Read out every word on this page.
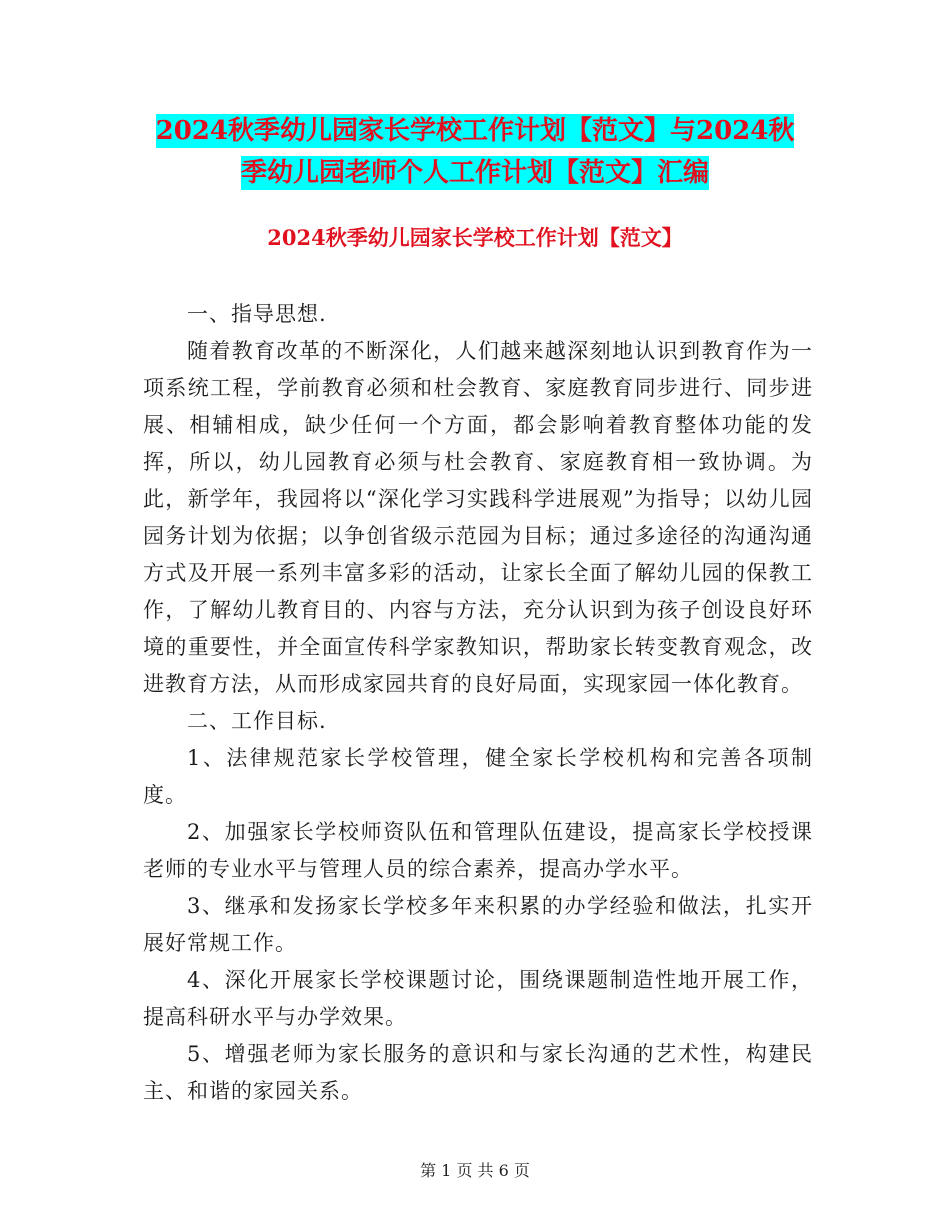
2024秋季幼儿园家长学校工作计划【范文】与2024秋
季幼儿园老师个人工作计划【范文】汇编
2024秋季幼儿园家长学校工作计划【范文】

一、指导思想.

随着教育改革的不断深化，人们越来越深刻地认识到教育作为一项系统工程，学前教育必须和杜会教育、家庭教育同步进行、同步进展、相辅相成，缺少任何一个方面，都会影响着教育整体功能的发挥，所以，幼儿园教育必须与杜会教育、家庭教育相一致协调。为此，新学年，我园将以“深化学习实践科学进展观”为指导；以幼儿园园务计划为依据；以争创省级示范园为目标；通过多途径的沟通沟通方式及开展一系列丰富多彩的活动，让家长全面了解幼儿园的保教工作，了解幼儿教育目的、内容与方法，充分认识到为孩子创设良好环境的重要性，并全面宣传科学家教知识，帮助家长转变教育观念，改进教育方法，从而形成家园共育的良好局面，实现家园一体化教育。

二、工作目标.

1、法律规范家长学校管理，健全家长学校机构和完善各项制度。

2、加强家长学校师资队伍和管理队伍建设，提高家长学校授课老师的专业水平与管理人员的综合素养，提高办学水平。

3、继承和发扬家长学校多年来积累的办学经验和做法，扎实开展好常规工作。

4、深化开展家长学校课题讨论，围绕课题制造性地开展工作，提高科研水平与办学效果。

5、增强老师为家长服务的意识和与家长沟通的艺术性，构建民主、和谐的家园关系。

第 1 页 共 6 页
